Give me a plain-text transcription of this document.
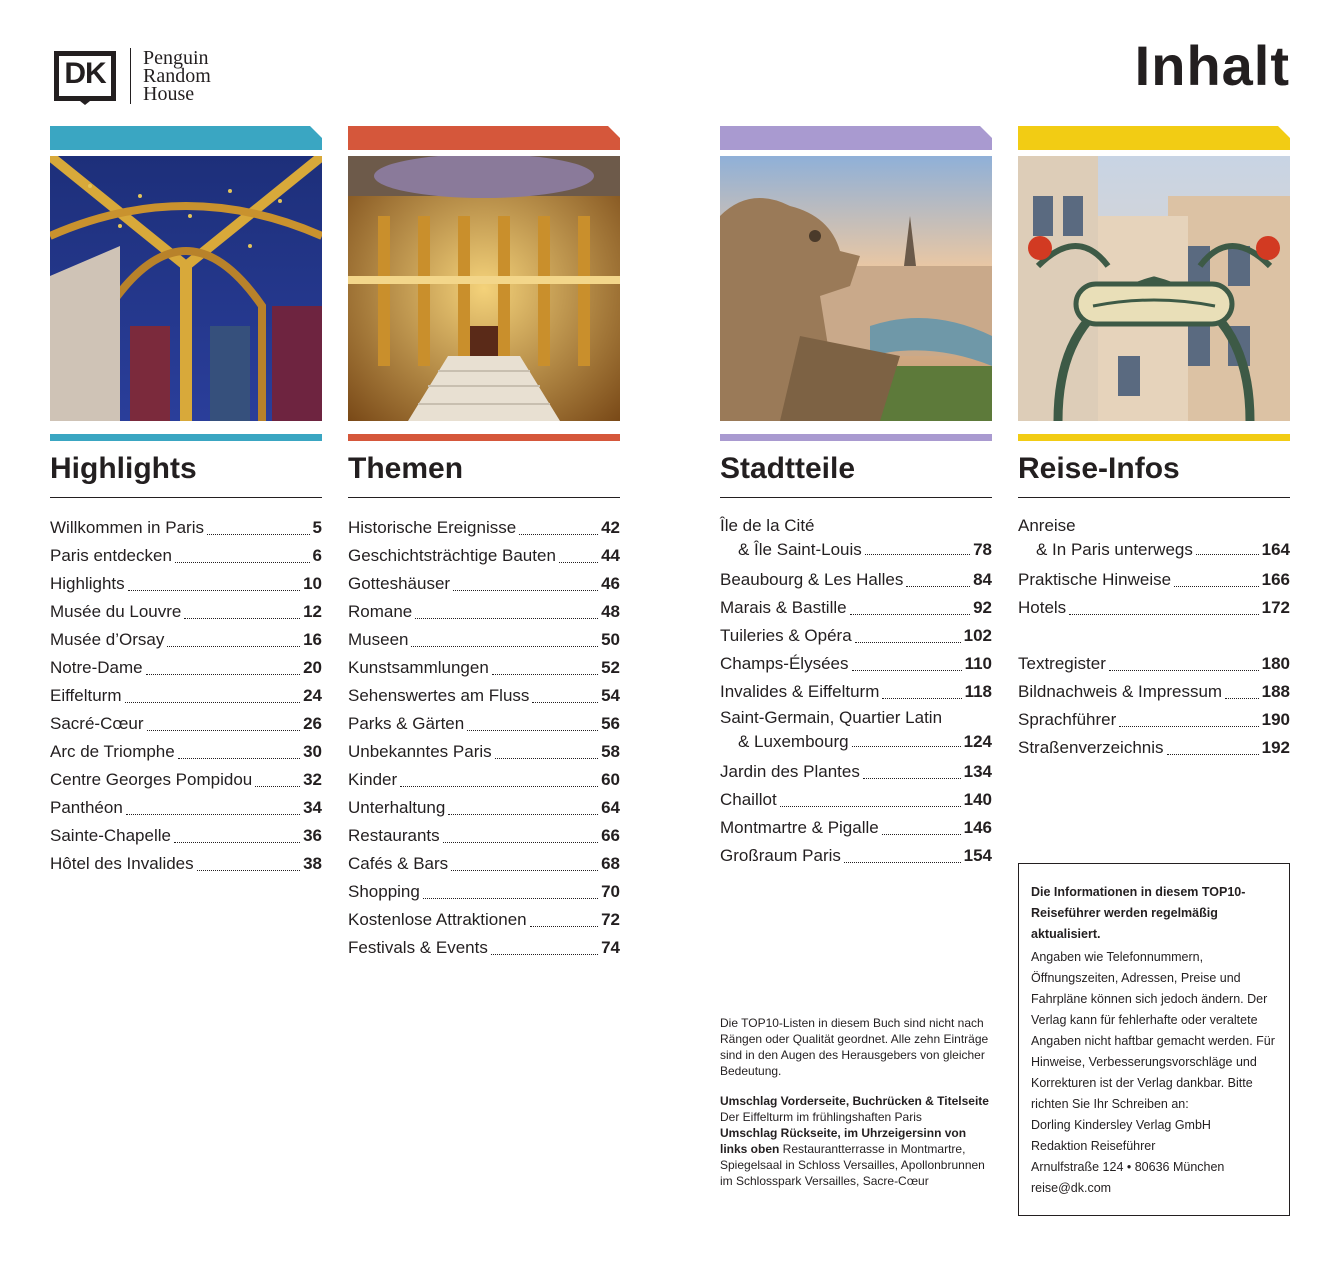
DK Penguin
Random
House	Inhalt
Highlights
Willkommen in Paris	5
Paris entdecken	6
Highlights	10
Musée du Louvre	12
Musée d’Orsay	16
Notre-Dame	20
Eiffelturm	24
Sacré-Cœur	26
Arc de Triomphe	30
Centre Georges Pompidou	32
Panthéon	34
Sainte-Chapelle	36
Hôtel des Invalides	38
Themen
Historische Ereignisse	42
Geschichtsträchtige Bauten	44
Gotteshäuser	46
Romane	48
Museen	50
Kunstsammlungen	52
Sehenswertes am Fluss	54
Parks & Gärten	56
Unbekanntes Paris	58
Kinder	60
Unterhaltung	64
Restaurants	66
Cafés & Bars	68
Shopping	70
Kostenlose Attraktionen	72
Festivals & Events	74
Stadtteile
Île de la Cité
& Île Saint-Louis	78
Beaubourg & Les Halles	84
Marais & Bastille	92
Tuileries & Opéra	102
Champs-Élysées	110
Invalides & Eiffelturm	118
Saint-Germain, Quartier Latin
& Luxembourg	124
Jardin des Plantes	134
Chaillot	140
Montmartre & Pigalle	146
Großraum Paris	154
Reise-Infos
Anreise
& In Paris unterwegs	164
Praktische Hinweise	166
Hotels	172
Textregister	180
Bildnachweis & Impressum 188
Sprachführer	190
Straßenverzeichnis	192

Die TOP10-Listen in diesem Buch sind nicht nach Rängen oder Qualität geordnet. Alle zehn Einträge sind in den Augen des Herausgebers von gleicher Bedeutung.

Umschlag Vorderseite, Buchrücken & Titelseite Der Eiffelturm im frühlingshaften Paris
Umschlag Rückseite, im Uhrzeigersinn von links oben Restaurantterrasse in Montmartre, Spiegelsaal in Schloss Versailles, Apollonbrunnen im Schlosspark Versailles, Sacre-Cœur

Die Informationen in diesem TOP10-Reiseführer werden regelmäßig aktualisiert.

Angaben wie Telefonnummern, Öffnungszeiten, Adressen, Preise und Fahrpläne können sich jedoch ändern. Der Verlag kann für fehlerhafte oder veraltete Angaben nicht haftbar gemacht werden. Für Hinweise, Verbesserungsvorschläge und Korrekturen ist der Verlag dankbar. Bitte richten Sie Ihr Schreiben an:

Dorling Kindersley Verlag GmbH

Redaktion Reiseführer

Arnulfstraße 124 • 80636 München

reise@dk.com
